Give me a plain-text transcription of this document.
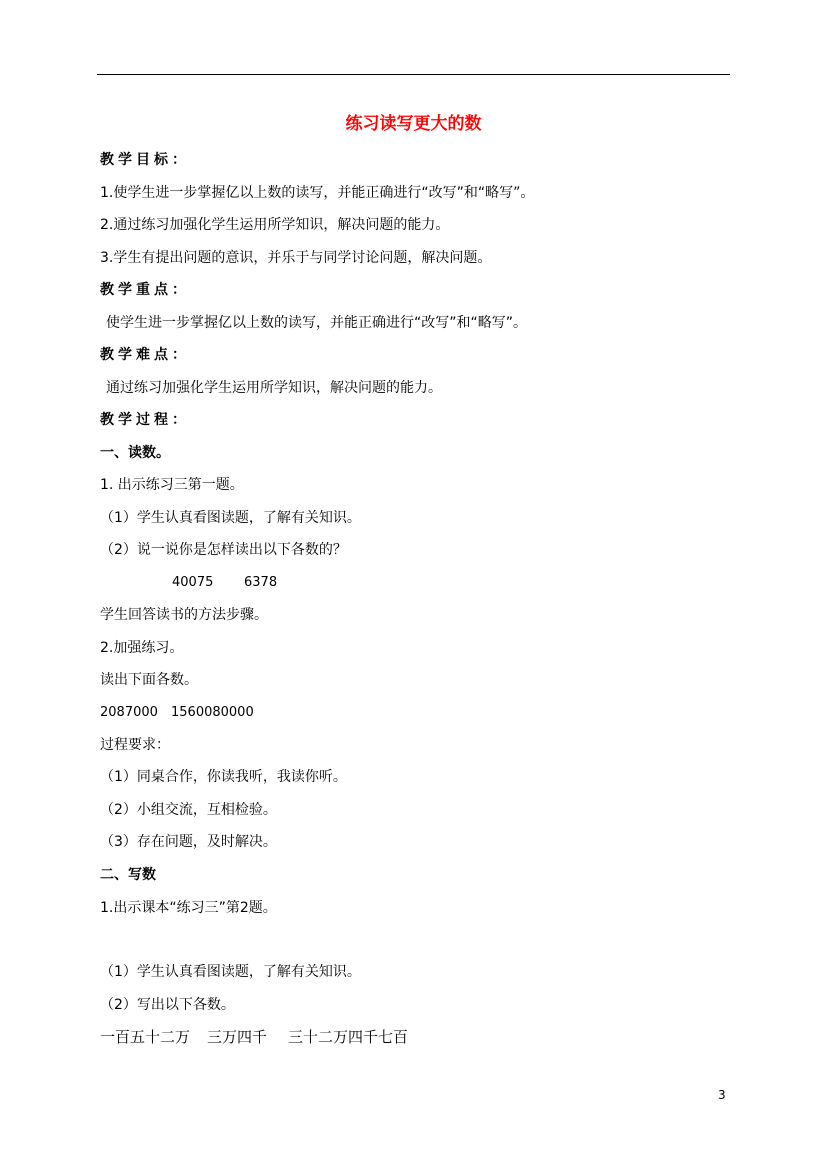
练习读写更大的数
教学目标：
1.使学生进一步掌握亿以上数的读写，并能正确进行“改写”和“略写”。
2.通过练习加强化学生运用所学知识，解决问题的能力。
3.学生有提出问题的意识，并乐于与同学讨论问题，解决问题。
教学重点：
使学生进一步掌握亿以上数的读写，并能正确进行“改写”和“略写”。
教学难点：
通过练习加强化学生运用所学知识，解决问题的能力。
教学过程：
一、读数。
1. 出示练习三第一题。
（1）学生认真看图读题，了解有关知识。
（2）说一说你是怎样读出以下各数的？
40075 6378
学生回答读书的方法步骤。
2.加强练习。
读出下面各数。
2087000 1560080000
过程要求：
（1）同桌合作，你读我听，我读你听。
（2）小组交流，互相检验。
（3）存在问题，及时解决。
二、写数
1.出示课本“练习三”第2题。
（1）学生认真看图读题，了解有关知识。
（2）写出以下各数。
一百五十二万 三万四千 三十二万四千七百
3
